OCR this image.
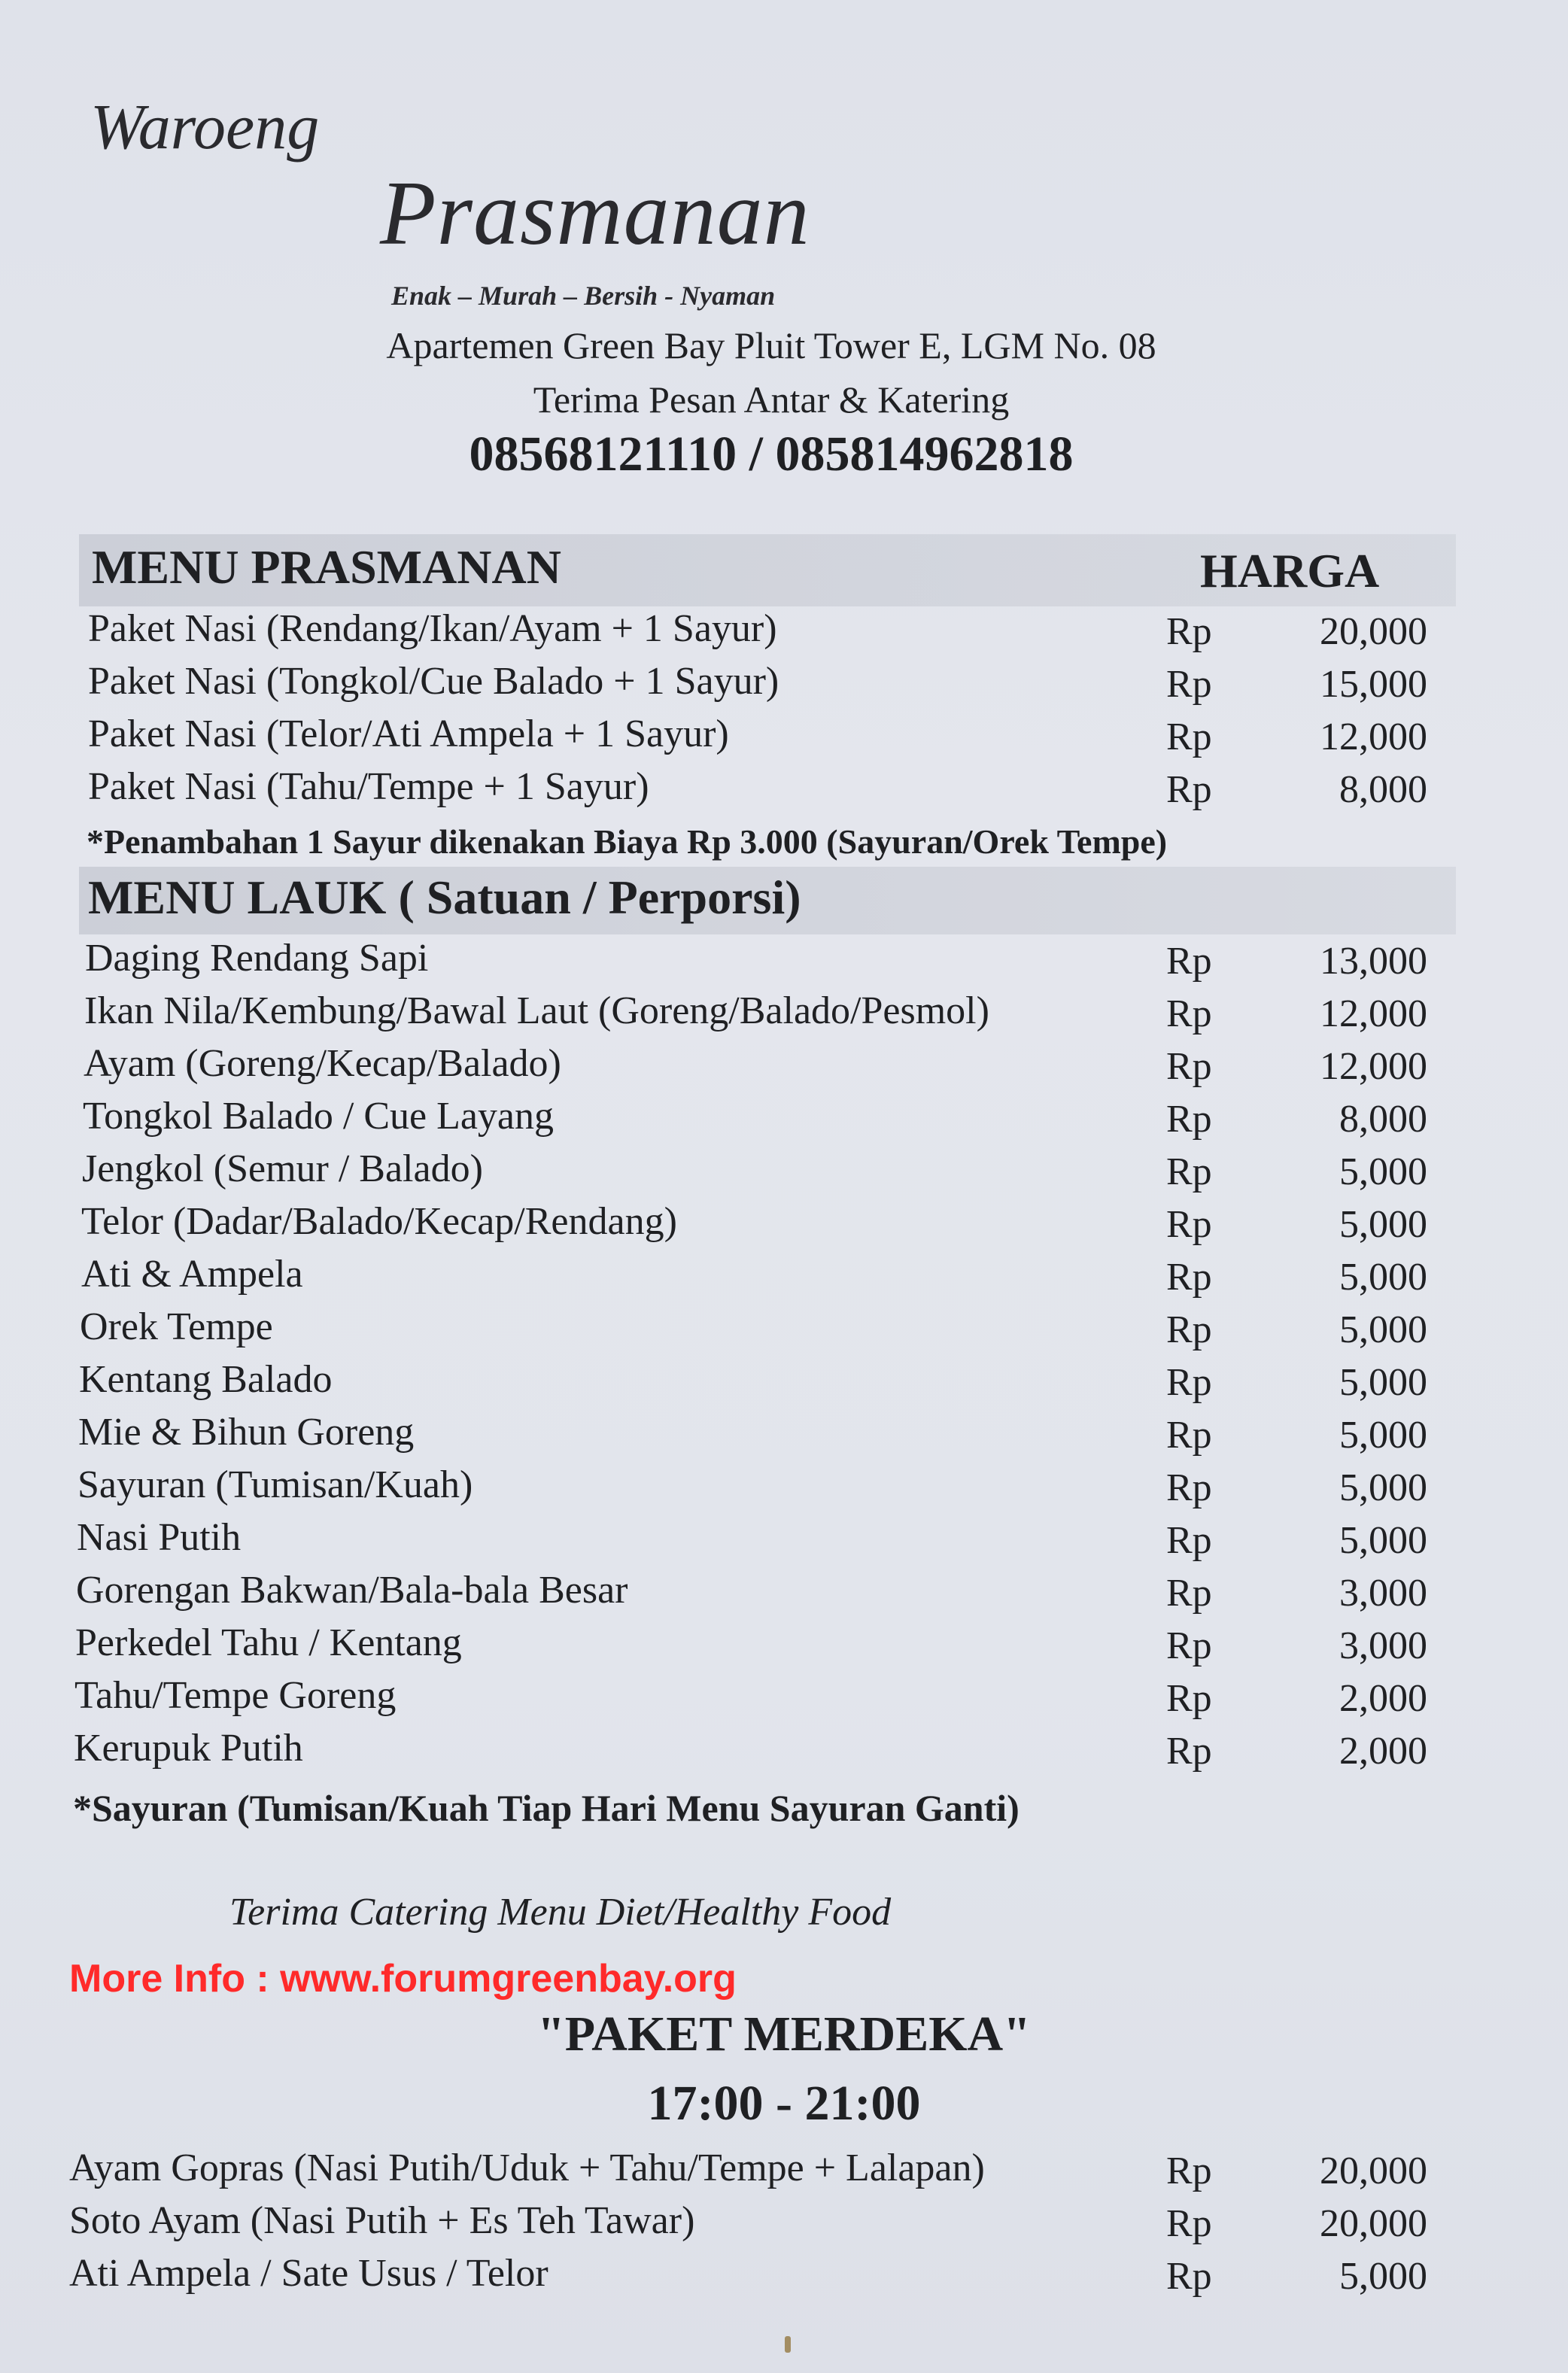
Waroeng
Prasmanan
Enak – Murah – Bersih - Nyaman
Apartemen Green Bay Pluit Tower E, LGM No. 08
Terima Pesan Antar & Katering
08568121110 / 085814962818
MENU PRASMANAN	HARGA
Paket Nasi (Rendang/Ikan/Ayam + 1 Sayur)	Rp	20,000
Paket Nasi (Tongkol/Cue Balado + 1 Sayur)	Rp	15,000
Paket Nasi (Telor/Ati Ampela + 1 Sayur)	Rp	12,000
Paket Nasi (Tahu/Tempe + 1 Sayur)	Rp	8,000
*Penambahan 1 Sayur dikenakan Biaya Rp 3.000 (Sayuran/Orek Tempe)
MENU LAUK ( Satuan / Perporsi)
Daging Rendang Sapi	Rp	13,000
Ikan Nila/Kembung/Bawal Laut (Goreng/Balado/Pesmol)	Rp	12,000
Ayam (Goreng/Kecap/Balado)	Rp	12,000
Tongkol Balado / Cue Layang	Rp	8,000
Jengkol (Semur / Balado)	Rp	5,000
Telor (Dadar/Balado/Kecap/Rendang)	Rp	5,000
Ati & Ampela	Rp	5,000
Orek Tempe	Rp	5,000
Kentang Balado	Rp	5,000
Mie & Bihun Goreng	Rp	5,000
Sayuran (Tumisan/Kuah)	Rp	5,000
Nasi Putih	Rp	5,000
Gorengan Bakwan/Bala-bala Besar	Rp	3,000
Perkedel Tahu / Kentang	Rp	3,000
Tahu/Tempe Goreng	Rp	2,000
Kerupuk Putih	Rp	2,000
*Sayuran (Tumisan/Kuah Tiap Hari Menu Sayuran Ganti)
Terima Catering Menu Diet/Healthy Food
More Info : www.forumgreenbay.org
"PAKET MERDEKA"
17:00 - 21:00
Ayam Gopras (Nasi Putih/Uduk + Tahu/Tempe + Lalapan)	Rp	20,000
Soto Ayam (Nasi Putih + Es Teh Tawar)	Rp	20,000
Ati Ampela / Sate Usus / Telor	Rp	5,000
